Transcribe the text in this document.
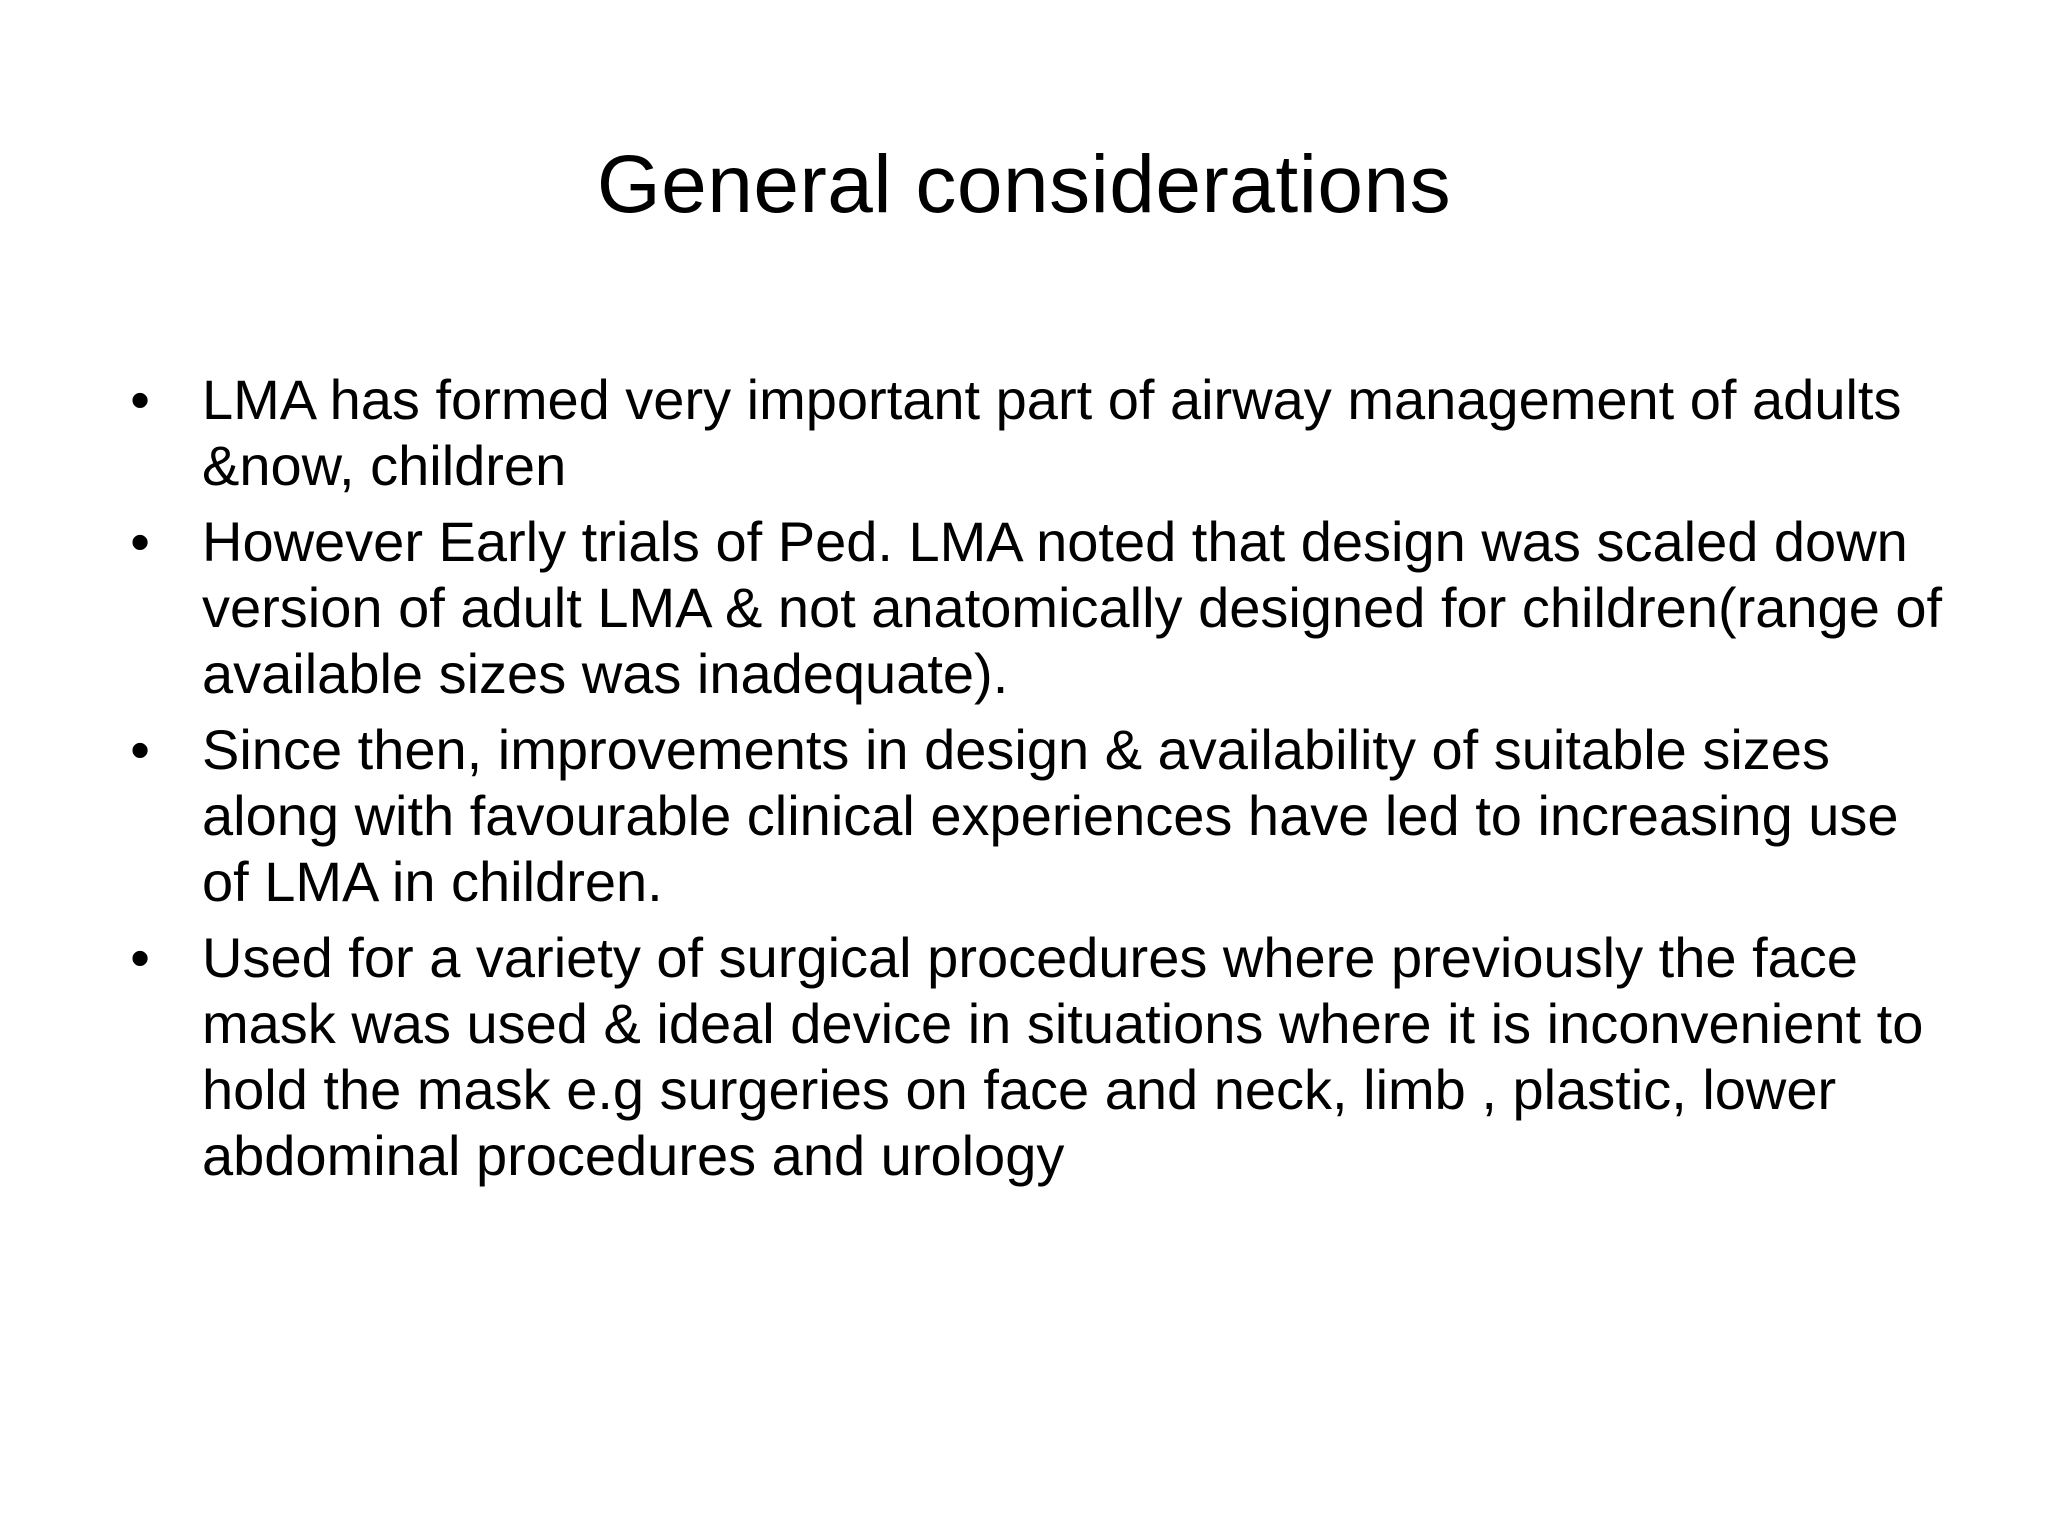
General considerations
• LMA has formed very important part of airway management of adults &now, children
• However Early trials of Ped. LMA noted that design was scaled down version of adult LMA & not anatomically designed for children(range of available sizes was inadequate).
• Since then, improvements in design & availability of suitable sizes along with favourable clinical experiences have led to increasing use of LMA in children.
• Used for a variety of surgical procedures where previously the face mask was used & ideal device in situations where it is inconvenient to hold the mask e.g surgeries on face and neck, limb , plastic, lower abdominal procedures and urology
